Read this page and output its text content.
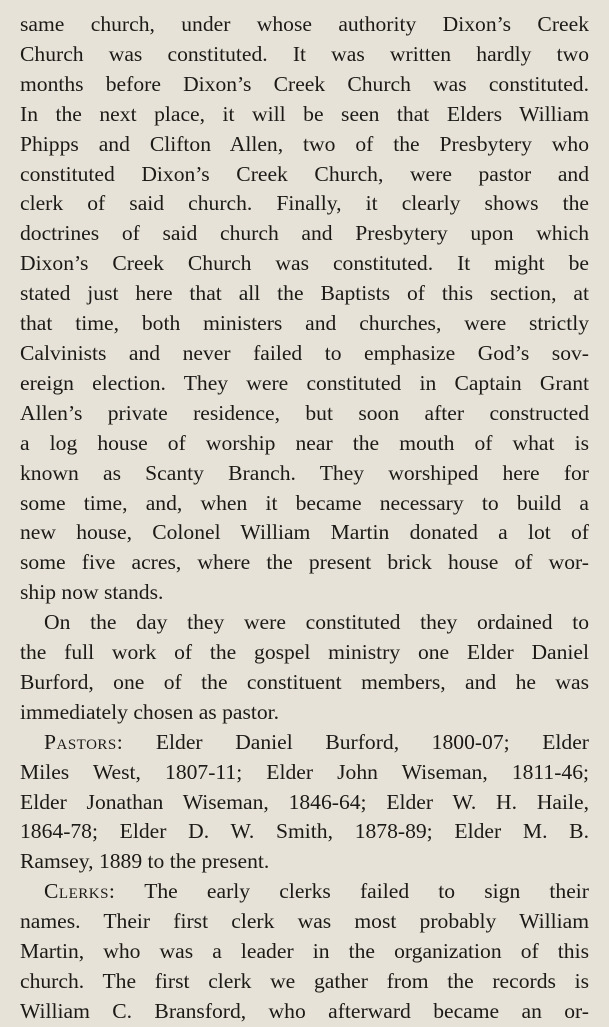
same church, under whose authority Dixon’s Creek
Church was constituted. It was written hardly two
months before Dixon’s Creek Church was constituted.
In the next place, it will be seen that Elders William
Phipps and Clifton Allen, two of the Presbytery who
constituted Dixon’s Creek Church, were pastor and
clerk of said church. Finally, it clearly shows the
doctrines of said church and Presbytery upon which
Dixon’s Creek Church was constituted. It might be
stated just here that all the Baptists of this section, at
that time, both ministers and churches, were strictly
Calvinists and never failed to emphasize God’s sov-
ereign election. They were constituted in Captain Grant
Allen’s private residence, but soon after constructed
a log house of worship near the mouth of what is
known as Scanty Branch. They worshiped here for
some time, and, when it became necessary to build a
new house, Colonel William Martin donated a lot of
some five acres, where the present brick house of wor-
ship now stands.

On the day they were constituted they ordained to
the full work of the gospel ministry one Elder Daniel
Burford, one of the constituent members, and he was
immediately chosen as pastor.

Pastors: Elder Daniel Burford, 1800-07; Elder
Miles West, 1807-11; Elder John Wiseman, 1811-46;
Elder Jonathan Wiseman, 1846-64; Elder W. H. Haile,
1864-78; Elder D. W. Smith, 1878-89; Elder M. B.
Ramsey, 1889 to the present.

Clerks: The early clerks failed to sign their
names. Their first clerk was most probably William
Martin, who was a leader in the organization of this
church. The first clerk we gather from the records is
William C. Bransford, who afterward became an or-
